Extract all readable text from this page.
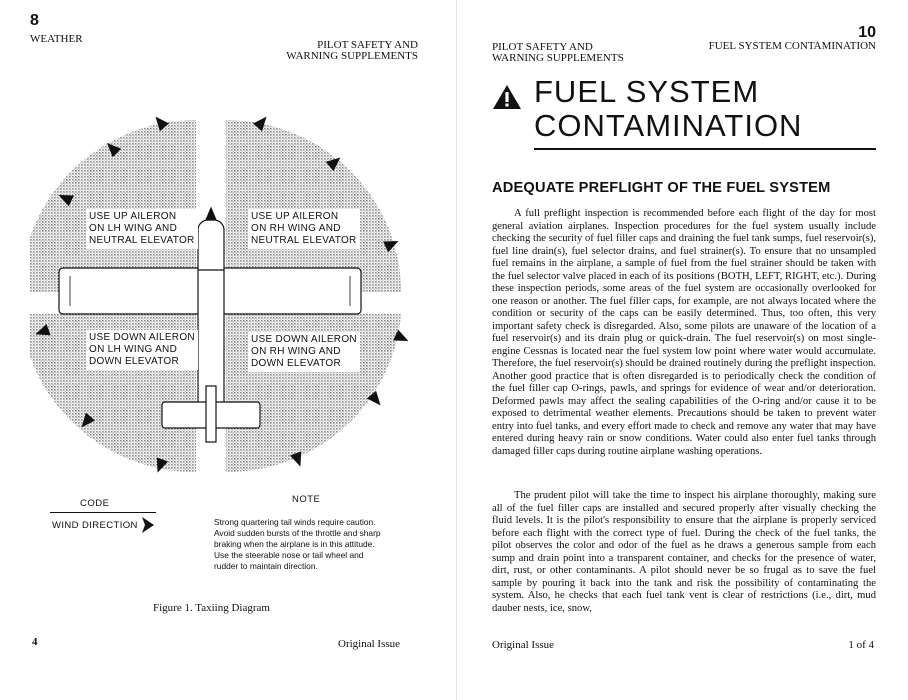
8
WEATHER	PILOT SAFETY AND
WARNING SUPPLEMENTS
USE UP AILERON
ON LH WING AND
NEUTRAL ELEVATOR
USE UP AILERON
ON RH WING AND
NEUTRAL ELEVATOR
USE DOWN AILERON
ON LH WING AND
DOWN ELEVATOR
USE DOWN AILERON
ON RH WING AND
DOWN ELEVATOR
CODE
WIND DIRECTION
NOTE
Strong quartering tail winds require caution.
Avoid sudden bursts of the throttle and sharp
braking when the airplane is in this attitude.
Use the steerable nose or tail wheel and
rudder to maintain direction.
Figure 1. Taxiing Diagram
4	Original Issue
10
PILOT SAFETY AND
WARNING SUPPLEMENTS
FUEL SYSTEM CONTAMINATION
FUEL SYSTEM
CONTAMINATION
ADEQUATE PREFLIGHT OF THE FUEL SYSTEM
A full preflight inspection is recommended before each flight of the day for most general aviation airplanes. Inspection procedures for the fuel system usually include checking the security of fuel filler caps and draining the fuel tank sumps, fuel reservoir(s), fuel line drain(s), fuel selector drains, and fuel strainer(s). To ensure that no unsampled fuel remains in the airplane, a sample of fuel from the fuel strainer should be taken with the fuel selector valve placed in each of its positions (BOTH, LEFT, RIGHT, etc.). During these inspection periods, some areas of the fuel system are occasionally overlooked for one reason or another. The fuel filler caps, for example, are not always located where the condition or security of the caps can be easily determined. Thus, too often, this very important safety check is disregarded. Also, some pilots are unaware of the location of a fuel reservoir(s) and its drain plug or quick-drain. The fuel reservoir(s) on most single-engine Cessnas is located near the fuel system low point where water would accumulate. Therefore, the fuel reservoir(s) should be drained routinely during the preflight inspection. Another good practice that is often disregarded is to periodically check the condition of the fuel filler cap O-rings, pawls, and springs for evidence of wear and/or deterioration. Deformed pawls may affect the sealing capabilities of the O-ring and/or cause it to be exposed to detrimental weather elements. Precautions should be taken to prevent water entry into fuel tanks, and every effort made to check and remove any water that may have entered during heavy rain or snow conditions. Water could also enter fuel tanks through damaged filler caps during routine airplane washing operations.
The prudent pilot will take the time to inspect his airplane thoroughly, making sure all of the fuel filler caps are installed and secured properly after visually checking the fluid levels. It is the pilot's responsibility to ensure that the airplane is properly serviced before each flight with the correct type of fuel. During the check of the fuel tanks, the pilot observes the color and odor of the fuel as he draws a generous sample from each sump and drain point into a transparent container, and checks for the presence of water, dirt, rust, or other contaminants. A pilot should never be so frugal as to save the fuel sample by pouring it back into the tank and risk the possibility of contaminating the system. Also, he checks that each fuel tank vent is clear of restrictions (i.e., dirt, mud dauber nests, ice, snow,
Original Issue	1 of 4
